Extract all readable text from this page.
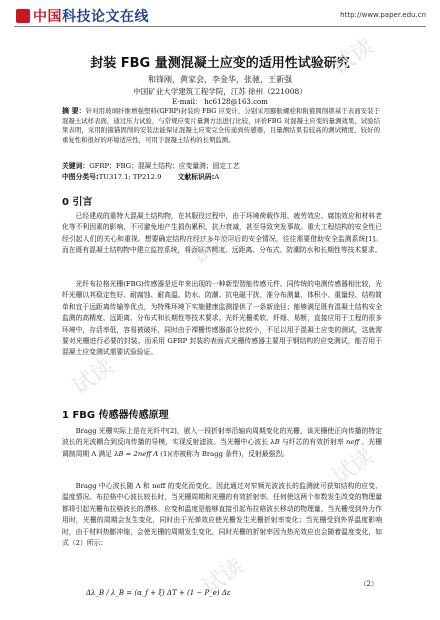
中国科技论文在线	http://www.paper.edu.cn
封装 FBG 量测混凝土应变的适用性试验研究
和锋刚，黄家会，李金华，张驰，王新强
中国矿业大学建筑工程学院，江苏 徐州（221008）
E-mail： hc6128@163.com
摘 要：针对用玻璃纤维增强塑料(GFRP)封装的 FBG 应变计，分别采用膨胀螺栓和附箍圆削锁基于表面安装于混凝土试样表面，通过压力试验，与常规应变片量测方法进行比较，评价FBG 对混凝土应变的量测效果、试验结果表明，采用附箍锚固削的安装法能保证混凝土应变完全传递到传感器，且量测结果有较高的测试精度，较好的重复性和很好的环境适应性，可用于混凝土结构的长期监测。
关键词：GFRP；FBG；混凝土结构；应变量测；固定工艺
中图分类号:TU317.1; TP212.9 文献标识码:A
0 引言
已经建成的重特大混凝土结构物，在其服役过程中，由于环境荷载作用、疲劳效应、腐蚀效应和材料老化等不利因素的影响，不可避免地产生损伤累积、抗力衰减，甚至导致突发事故。重大工程结构的安全性已经引起人们的关心和重视。想要确定结构在经过多年使用后的安全情况，往往需要借助安全监测系统[1]。而在既有混凝土结构物中建立监控系统，将面临高精度、远距离、分布式、防潮防水和长期性等技术要求。
光纤布拉格光栅(FBG)传感器是近年来出现的一种新型智能传感元件。同传统的电测传感器相比较，光纤光栅以其稳定性好、耐腐蚀、耐高温、防水、防潮、抗电磁干扰、准分布测量、体积小、重量轻、结构简单和宜于远距离传输等优点，为特殊环境下实施健康监测提供了一条新途径；能够满足既有混凝土结构安全监测的高精度、远距离、分布式和长期性等技术要求。光纤光栅柔软、纤细、易断，直接应用于工程的很多环境中，存活率低，容易被破坏，同时由于裸栅传感器部分比较小，不足以用于混凝土应变的测试，这就需要对光栅进行必要的封装。而采用 GFRP 封装的表面式光栅传感器主要用于钢结构的应变测试，能否用于混凝土应变测试需要试验验证。
1 FBG 传感器传感原理
Bragg 光栅实际上是在光纤中[2]，嵌入一段折射率沿轴向周期变化的光栅，该光栅使正向传播的特定波长的光波耦合到反向传播的导模，实现反射滤波。当光栅中心波长 λB 与纤芯的有效折射率 neff 、光栅调制周期 Λ 满足 λB = 2neff Λ (1)(亦被称为 Bragg 条件)，反射最强烈。
Bragg 中心波长随 Λ 和 neff 的变化而变化，因此通过对窄频光波波长的监测就可获知结构的应变、温度情况。布拉格中心波长较长时，当光栅周期和光栅的有效折射率。任何使这两个参数发生改变的物理量都将引起光栅布拉格波长的漂移。应变和温度是能够直接引起布拉格波长移动的物理量。当光栅受到外力作用时，光栅的周期会发生变化，同时由于光弹效应使光栅发生光栅折射率变化；当光栅受到外界温度影响时，由于材料热膨冲缩，会使光栅的周期发生变化，同时光栅的折射率因为热光效应也会随着温度变化，如式（2）所示：
Δλ_B / λ_B = (α_f + ξ) ΔT + (1 − P_e) Δε
（2）
试读
试读
试读
试读
试读
